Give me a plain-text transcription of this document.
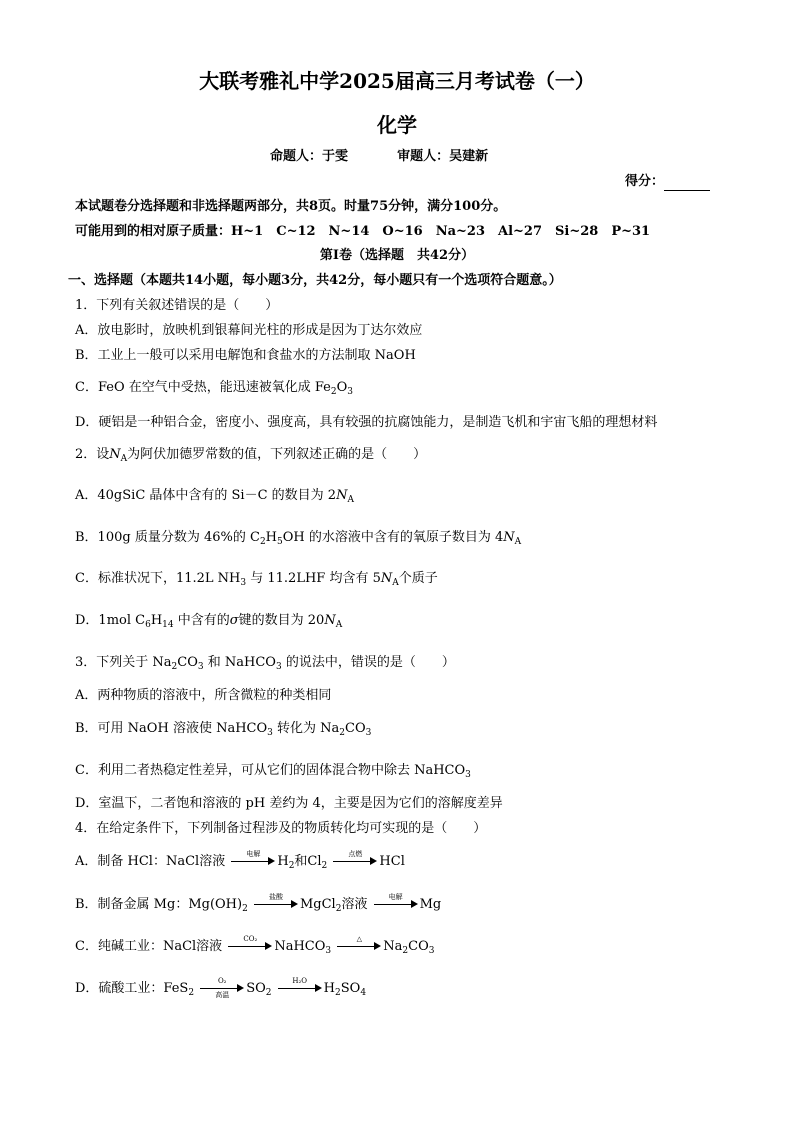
大联考雅礼中学2025届高三月考试卷（一）
化学
命题人：于雯	审题人：吴建新
得分：
本试题卷分选择题和非选择题两部分，共8页。时量75分钟，满分100分。
可能用到的相对原子质量：H~1　C~12　N~14　O~16　Na~23　Al~27　Si~28　P~31
第Ⅰ卷（选择题　共42分）
一、选择题（本题共14小题，每小题3分，共42分，每小题只有一个选项符合题意。）
1．下列有关叙述错误的是（　　）
A．放电影时，放映机到银幕间光柱的形成是因为丁达尔效应
B．工业上一般可以采用电解饱和食盐水的方法制取 NaOH
C．FeO 在空气中受热，能迅速被氧化成 $Fe_2O_3$
D．硬铝是一种铝合金，密度小、强度高，具有较强的抗腐蚀能力，是制造飞机和宇宙飞船的理想材料
2．设$N_A$为阿伏加德罗常数的值，下列叙述正确的是（　　）
A．40gSiC 晶体中含有的 Si－C 的数目为 $2N_A$
B．100g 质量分数为 46%的 $C_2H_5OH$ 的水溶液中含有的氧原子数目为 $4N_A$
C．标准状况下，11.2L $NH_3$ 与 11.2LHF 均含有 $5N_A$个质子
D．1mol $C_6H_{14}$ 中含有的σ键的数目为 $20N_A$
3．下列关于 $Na_2CO_3$ 和 NaHCO$_3$ 的说法中，错误的是（　　）
A．两种物质的溶液中，所含微粒的种类相同
B．可用 NaOH 溶液使 NaHCO$_3$ 转化为 $Na_2CO_3$
C．利用二者热稳定性差异，可从它们的固体混合物中除去 NaHCO$_3$
D．室温下，二者饱和溶液的 pH 差约为 4，主要是因为它们的溶解度差异
4．在给定条件下，下列制备过程涉及的物质转化均可实现的是（　　）
A．制备 HCl：NaCl溶液
电解
$H_2$和$Cl_2$
点燃
HCl
B．制备金属 Mg：$Mg(OH)_2$
盐酸
MgCl$_2$溶液
电解
Mg
C．纯碱工业：NaCl溶液
CO₂
NaHCO$_3$
△
$Na_2CO_3$
D．硫酸工业：FeS$_2$
O₂
高温	$SO_2$
H₂O
$H_2SO_4$
